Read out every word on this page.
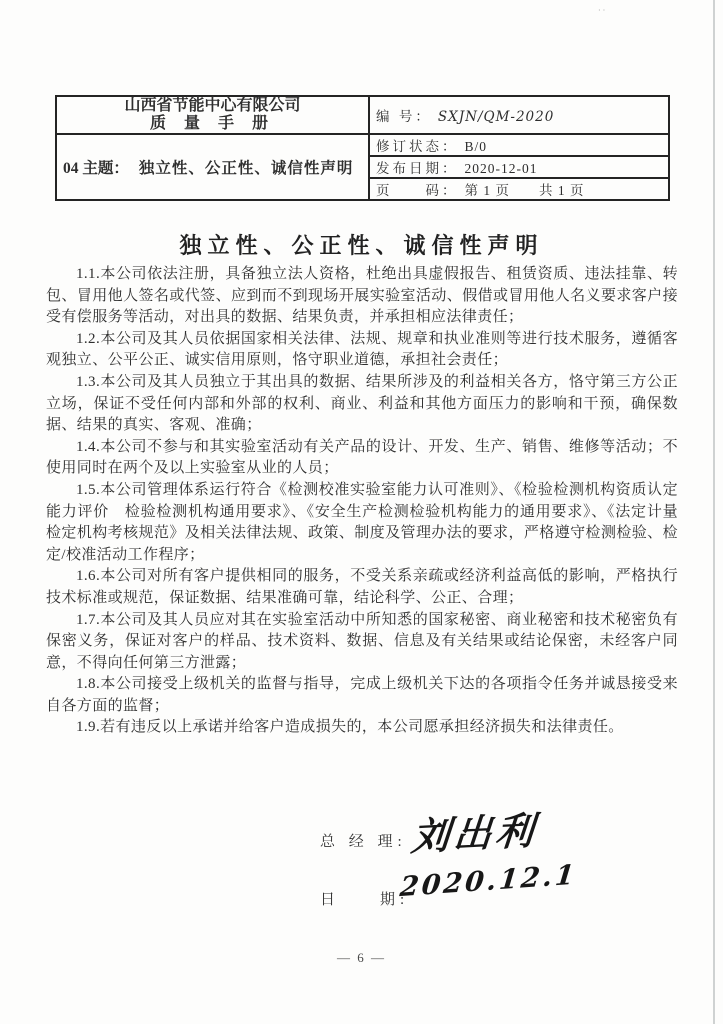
··
山西省节能中心有限公司
质 量 手 册	编 号： SXJN/QM-2020
04 主题： 独立性、公正性、诚信性声明	修订状态： B/0
	发布日期： 2020-12-01
	页　　码： 第 1 页　　共 1 页
独立性、公正性、诚信性声明

1.1.本公司依法注册，具备独立法人资格，杜绝出具虚假报告、租赁资质、违法挂靠、转包、冒用他人签名或代签、应到而不到现场开展实验室活动、假借或冒用他人名义要求客户接受有偿服务等活动，对出具的数据、结果负责，并承担相应法律责任；

1.2.本公司及其人员依据国家相关法律、法规、规章和执业准则等进行技术服务，遵循客观独立、公平公正、诚实信用原则，恪守职业道德，承担社会责任；

1.3.本公司及其人员独立于其出具的数据、结果所涉及的利益相关各方，恪守第三方公正立场，保证不受任何内部和外部的权利、商业、利益和其他方面压力的影响和干预，确保数据、结果的真实、客观、准确；

1.4.本公司不参与和其实验室活动有关产品的设计、开发、生产、销售、维修等活动；不使用同时在两个及以上实验室从业的人员；

1.5.本公司管理体系运行符合《检测校准实验室能力认可准则》、《检验检测机构资质认定能力评价　检验检测机构通用要求》、《安全生产检测检验机构能力的通用要求》、《法定计量检定机构考核规范》及相关法律法规、政策、制度及管理办法的要求，严格遵守检测检验、检定/校准活动工作程序；

1.6.本公司对所有客户提供相同的服务，不受关系亲疏或经济利益高低的影响，严格执行技术标准或规范，保证数据、结果准确可靠，结论科学、公正、合理；

1.7.本公司及其人员应对其在实验室活动中所知悉的国家秘密、商业秘密和技术秘密负有保密义务，保证对客户的样品、技术资料、数据、信息及有关结果或结论保密，未经客户同意，不得向任何第三方泄露；

1.8.本公司接受上级机关的监督与指导，完成上级机关下达的各项指令任务并诚恳接受来自各方面的监督；

1.9.若有违反以上承诺并给客户造成损失的，本公司愿承担经济损失和法律责任。

总 经 理: 刘出利
日　　期:
2020.12.1
— 6 —
